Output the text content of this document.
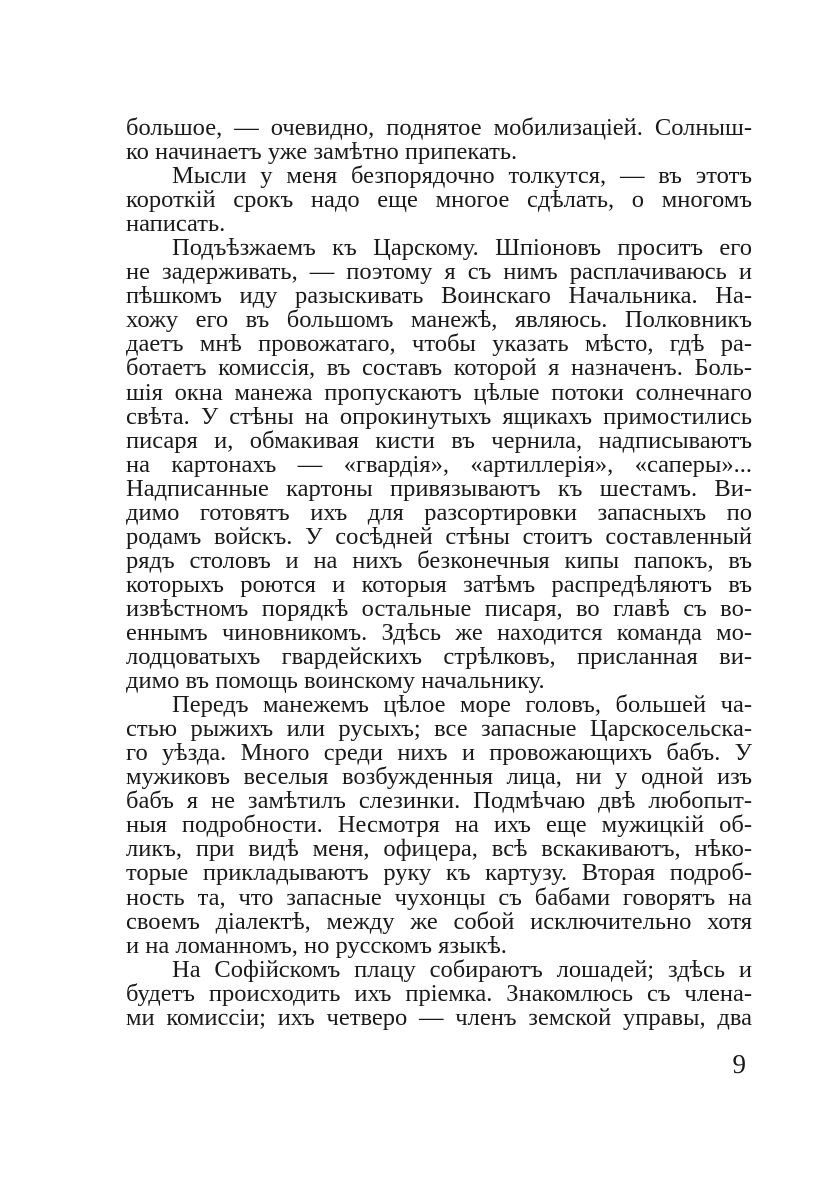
большое, — очевидно, поднятое мобилизацiей. Солныш-
ко начинаетъ уже замѣтно припекать.
Мысли у меня безпорядочно толкутся, — въ этотъ
короткiй срокъ надо еще многое сдѣлать, о многомъ
написать.
Подъѣзжаемъ къ Царскому. Шпiоновъ проситъ его
не задерживать, — поэтому я съ нимъ расплачиваюсь и
пѣшкомъ иду разыскивать Воинскаго Начальника. На-
хожу его въ большомъ манежѣ, являюсь. Полковникъ
даетъ мнѣ провожатаго, чтобы указать мѣсто, гдѣ ра-
ботаетъ комиссiя, въ составъ которой я назначенъ. Боль-
шiя окна манежа пропускаютъ цѣлые потоки солнечнаго
свѣта. У стѣны на опрокинутыхъ ящикахъ примостились
писаря и, обмакивая кисти въ чернила, надписываютъ
на картонахъ — «гвардiя», «артиллерiя», «саперы»...
Надписанные картоны привязываютъ къ шестамъ. Ви-
димо готовятъ ихъ для разсортировки запасныхъ по
родамъ войскъ. У сосѣдней стѣны стоитъ составленный
рядъ столовъ и на нихъ безконечныя кипы папокъ, въ
которыхъ роются и которыя затѣмъ распредѣляютъ въ
извѣстномъ порядкѣ остальные писаря, во главѣ съ во-
еннымъ чиновникомъ. Здѣсь же находится команда мо-
лодцоватыхъ гвардейскихъ стрѣлковъ, присланная ви-
димо въ помощь воинскому начальнику.
Передъ манежемъ цѣлое море головъ, большей ча-
стью рыжихъ или русыхъ; все запасные Царскосельска-
го уѣзда. Много среди нихъ и провожающихъ бабъ. У
мужиковъ веселыя возбужденныя лица, ни у одной изъ
бабъ я не замѣтилъ слезинки. Подмѣчаю двѣ любопыт-
ныя подробности. Несмотря на ихъ еще мужицкiй об-
ликъ, при видѣ меня, офицера, всѣ вскакиваютъ, нѣко-
торые прикладываютъ руку къ картузу. Вторая подроб-
ность та, что запасные чухонцы съ бабами говорятъ на
своемъ дiалектѣ, между же собой исключительно хотя
и на ломанномъ, но русскомъ языкѣ.
На Софiйскомъ плацу собираютъ лошадей; здѣсь и
будетъ происходить ихъ прiемка. Знакомлюсь съ члена-
ми комиссiи; ихъ четверо — членъ земской управы, два
9
